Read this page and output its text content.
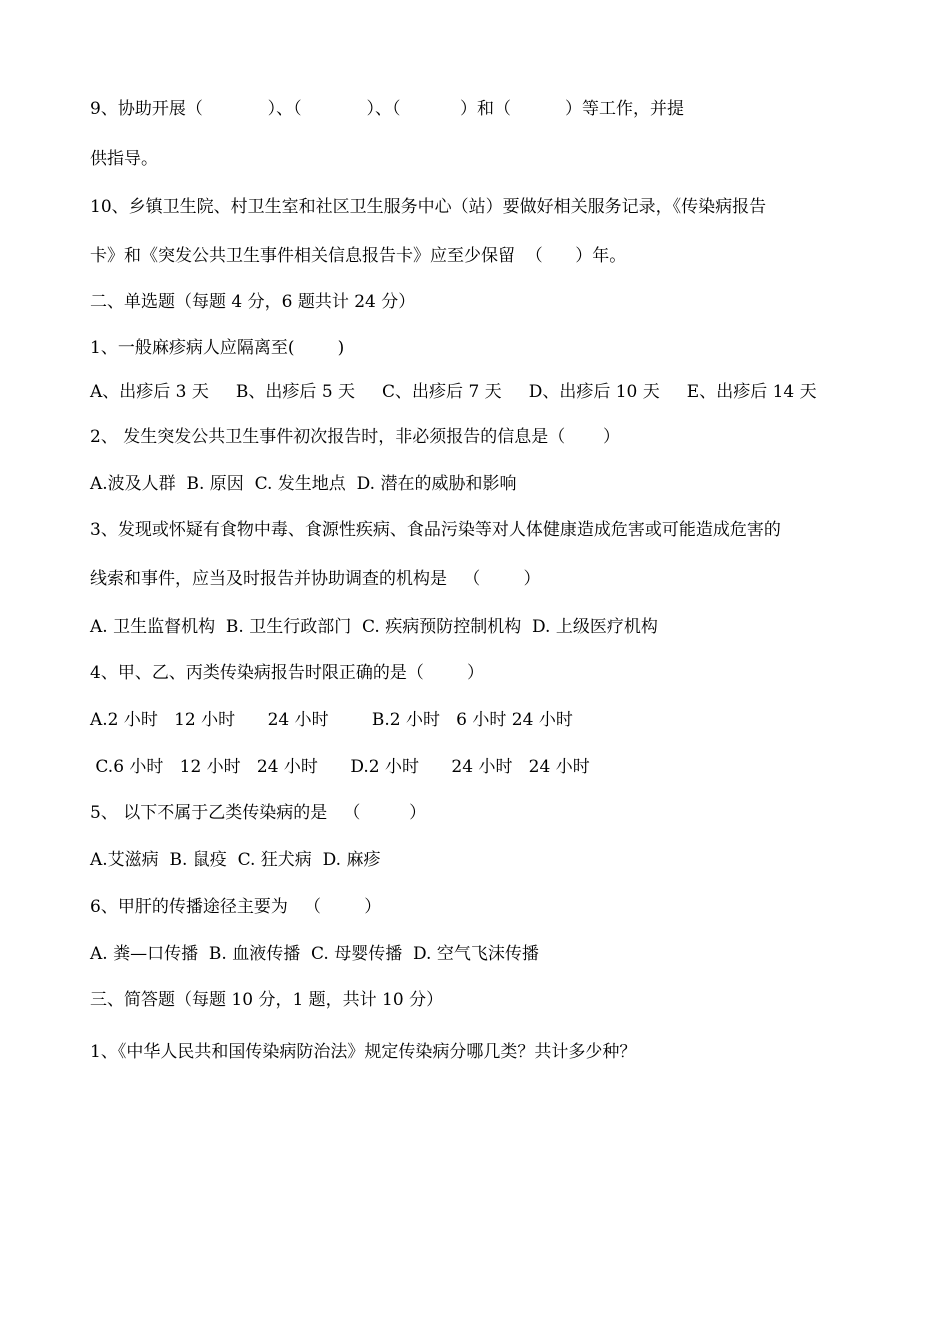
9、协助开展（            ）、（            ）、（           ）和（          ）等工作，并提
供指导。
10、乡镇卫生院、村卫生室和社区卫生服务中心（站）要做好相关服务记录，《传染病报告
卡》和《突发公共卫生事件相关信息报告卡》应至少保留  （      ）年。
二、单选题（每题 4 分，6 题共计 24 分）
1、一般麻疹病人应隔离至(        )
A、出疹后 3 天     B、出疹后 5 天     C、出疹后 7 天     D、出疹后 10 天     E、出疹后 14 天
2、 发生突发公共卫生事件初次报告时，非必须报告的信息是（       ）
A.波及人群  B. 原因  C. 发生地点  D. 潜在的威胁和影响
3、发现或怀疑有食物中毒、食源性疾病、食品污染等对人体健康造成危害或可能造成危害的
线索和事件，应当及时报告并协助调查的机构是   （        ）
A. 卫生监督机构  B. 卫生行政部门  C. 疾病预防控制机构  D. 上级医疗机构
4、甲、乙、丙类传染病报告时限正确的是（        ）
A.2 小时   12 小时      24 小时        B.2 小时   6 小时 24 小时
C.6 小时   12 小时   24 小时      D.2 小时      24 小时   24 小时
5、 以下不属于乙类传染病的是   （         ）
A.艾滋病  B. 鼠疫  C. 狂犬病  D. 麻疹
6、甲肝的传播途径主要为   （        ）
A. 粪—口传播  B. 血液传播  C. 母婴传播  D. 空气飞沫传播
三、简答题（每题 10 分，1 题，共计 10 分）
1、《中华人民共和国传染病防治法》规定传染病分哪几类？共计多少种？
